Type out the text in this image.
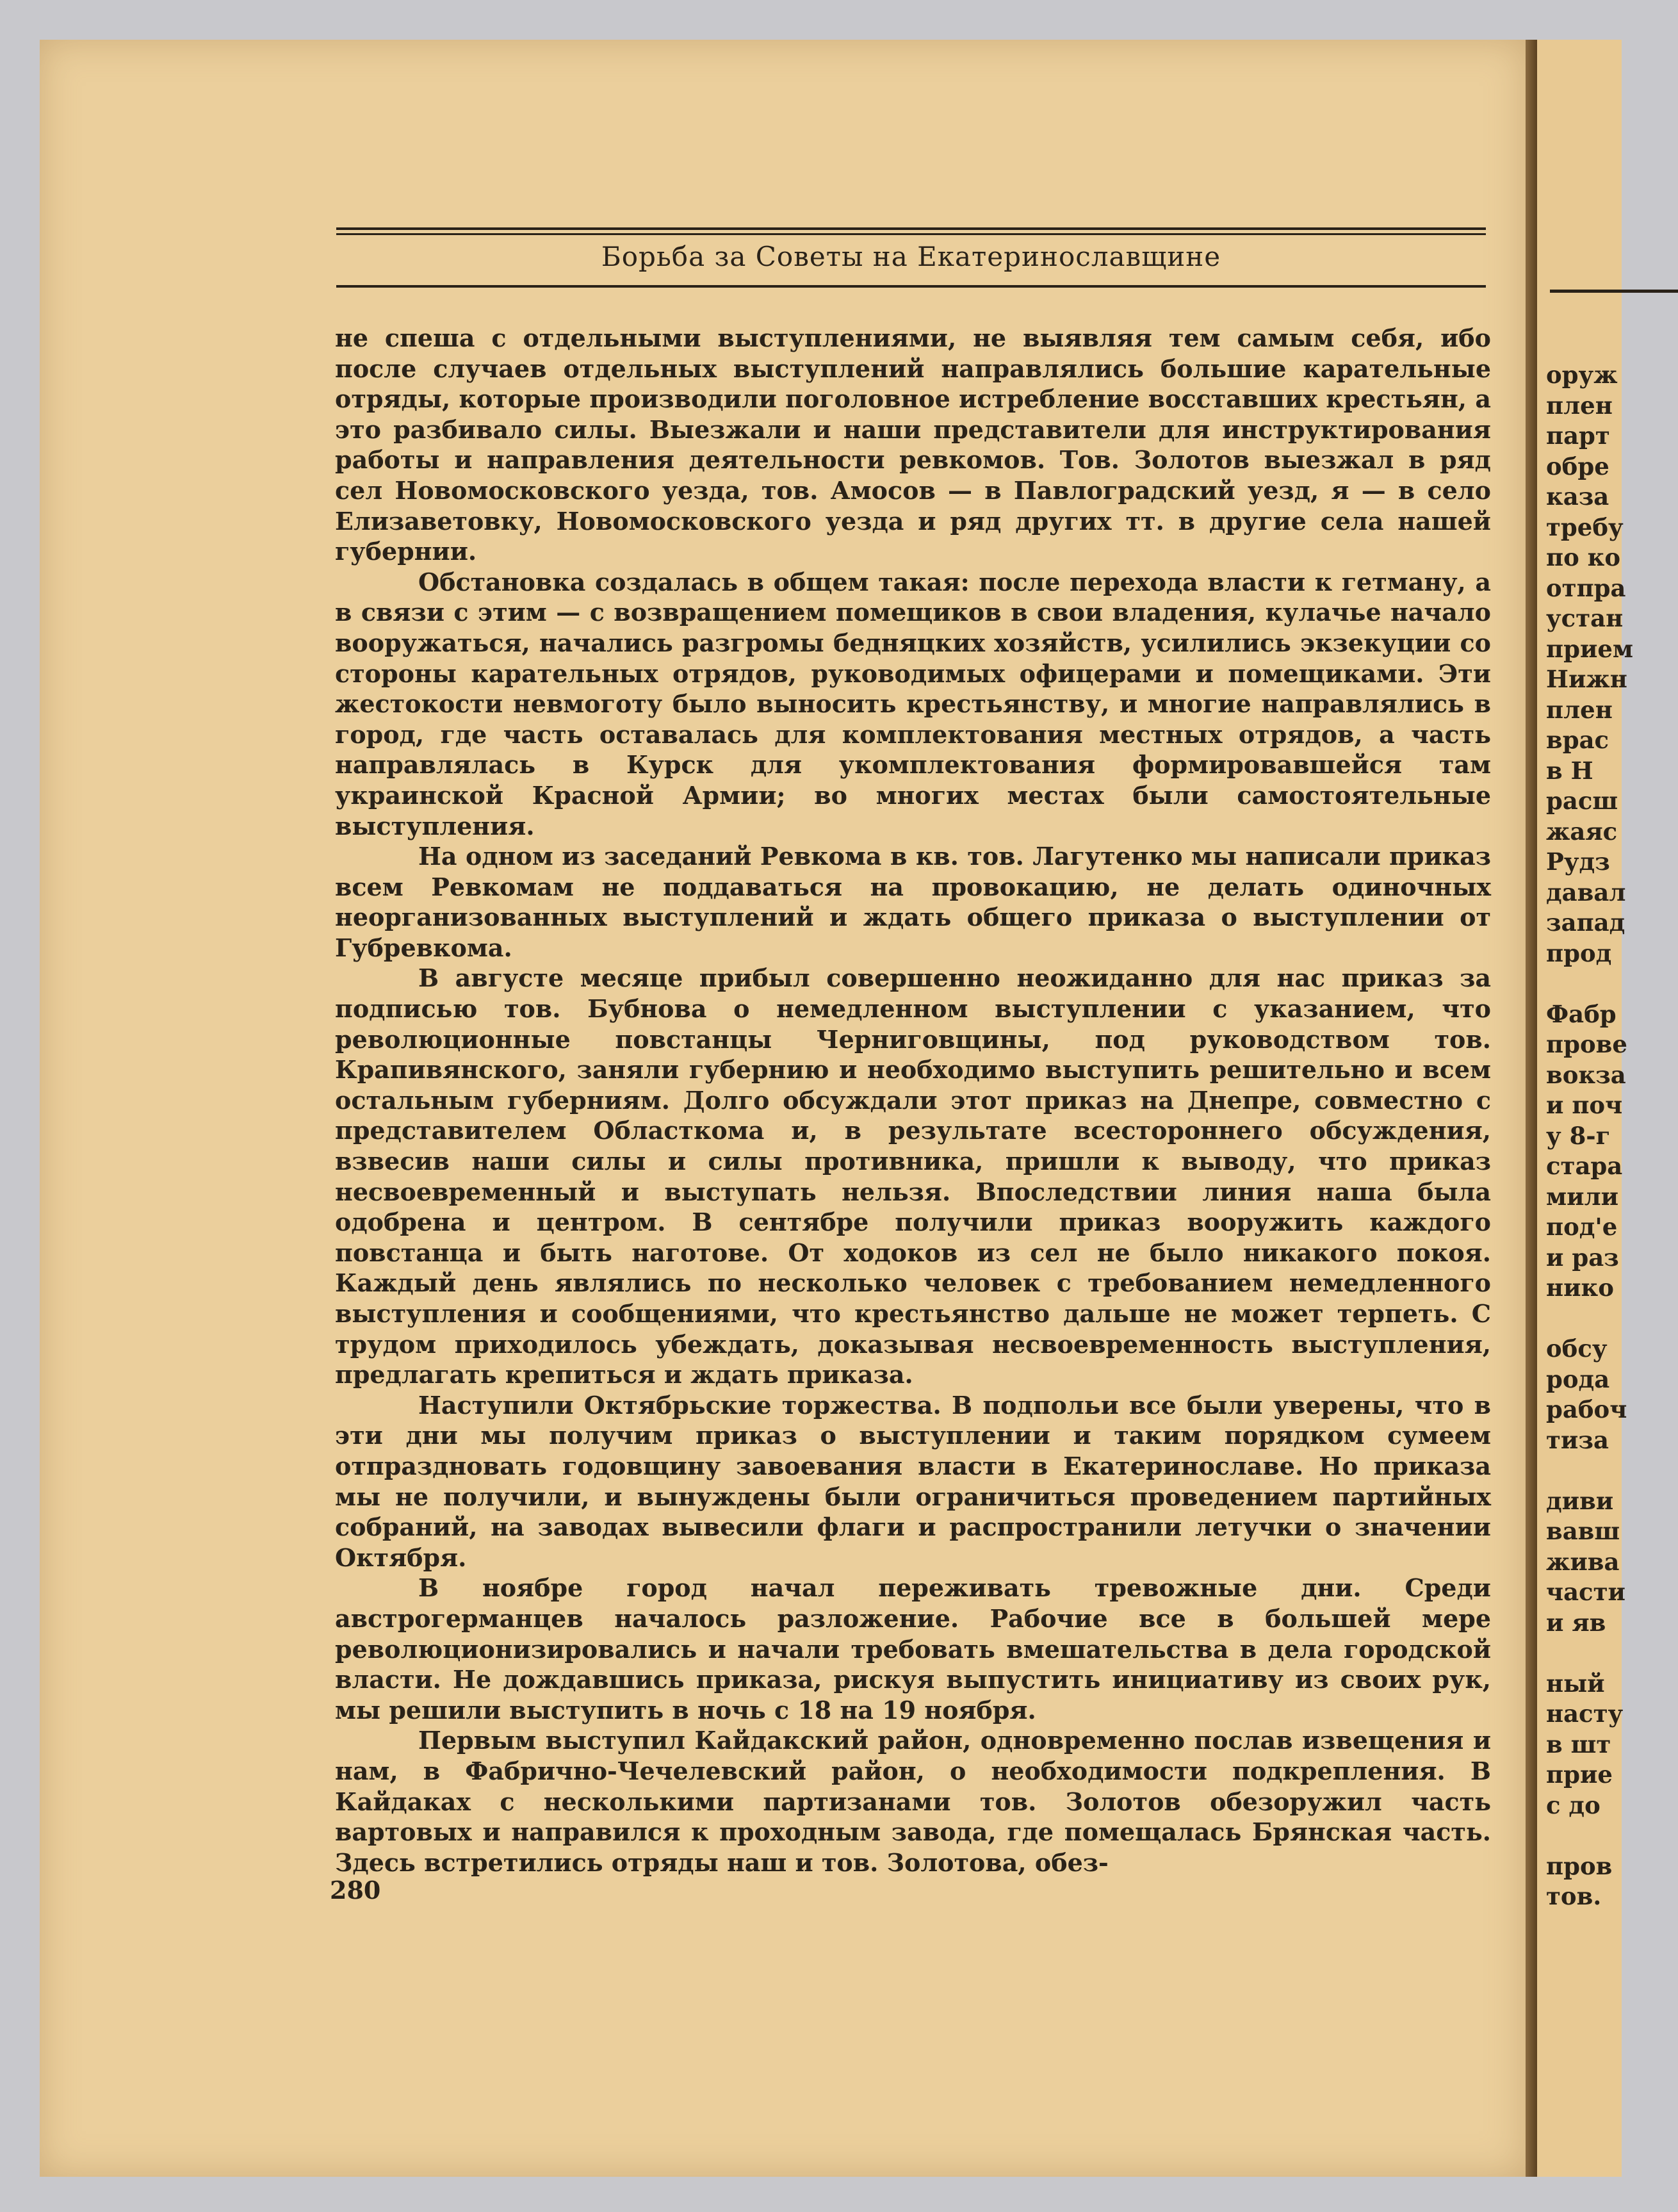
оруж
плен
парт
обре
каза
требу
по ко
отпра
устан
прием
Нижн
плен
врас
в Н
расш
жаяс
Рудз
давал
запад
прод

Фабр
прове
вокза
и поч
у 8-г
стара
мили
под'е
и раз
нико

обсу
рода
рабоч
тиза

диви
вавш
жива
части
и яв

ный
насту
в шт
прие
с до

пров
тов.
Борьба за Советы на Екатеринославщине

не спеша с отдельными выступлениями, не выявляя тем самым себя, ибо после случаев отдельных выступлений направлялись большие карательные отряды, которые производили поголовное истребление восставших крестьян, а это разбивало силы. Выезжали и наши представители для инструктирования работы и направления деятельности ревкомов. Тов. Золотов выезжал в ряд сел Новомосковского уезда, тов. Амосов — в Павлоградский уезд, я — в село Елизаветовку, Новомосковского уезда и ряд других тт. в другие села нашей губернии.

Обстановка создалась в общем такая: после перехода власти к гетману, а в связи с этим — с возвращением помещиков в свои владения, кулачье начало вооружаться, начались разгромы бедняцких хозяйств, усилились экзекуции со стороны карательных отрядов, руководимых офицерами и помещиками. Эти жестокости невмоготу было выносить крестьянству, и многие направлялись в город, где часть оставалась для комплектования местных отрядов, а часть направлялась в Курск для укомплектования формировавшейся там украинской Красной Армии; во многих местах были самостоятельные выступления.

На одном из заседаний Ревкома в кв. тов. Лагутенко мы написали приказ всем Ревкомам не поддаваться на провокацию, не делать одиночных неорганизованных выступлений и ждать общего приказа о выступлении от Губревкома.

В августе месяце прибыл совершенно неожиданно для нас приказ за подписью тов. Бубнова о немедленном выступлении с указанием, что революционные повстанцы Черниговщины, под руководством тов. Крапивянского, заняли губернию и необходимо выступить решительно и всем остальным губерниям. Долго обсуждали этот приказ на Днепре, совместно с представителем Областкома и, в результате всестороннего обсуждения, взвесив наши силы и силы противника, пришли к выводу, что приказ несвоевременный и выступать нельзя. Впоследствии линия наша была одобрена и центром. В сентябре получили приказ вооружить каждого повстанца и быть наготове. От ходоков из сел не было никакого покоя. Каждый день являлись по несколько человек с требованием немедленного выступления и сообщениями, что крестьянство дальше не может терпеть. С трудом приходилось убеждать, доказывая несвоевременность выступления, предлагать крепиться и ждать приказа.

Наступили Октябрьские торжества. В подпольи все были уверены, что в эти дни мы получим приказ о выступлении и таким порядком сумеем отпраздновать годовщину завоевания власти в Екатеринославе. Но приказа мы не получили, и вынуждены были ограничиться проведением партийных собраний, на заводах вывесили флаги и распространили летучки о значении Октября.

В ноябре город начал переживать тревожные дни. Среди австрогерманцев началось разложение. Рабочие все в большей мере революционизировались и начали требовать вмешательства в дела городской власти. Не дождавшись приказа, рискуя выпустить инициативу из своих рук, мы решили выступить в ночь с 18 на 19 ноября.

Первым выступил Кайдакский район, одновременно послав извещения и нам, в Фабрично-Чечелевский район, о необходимости подкрепления. В Кайдаках с несколькими партизанами тов. Золотов обезоружил часть вартовых и направился к проходным завода, где помещалась Брянская часть. Здесь встретились отряды наш и тов. Золотова, обез-

280
